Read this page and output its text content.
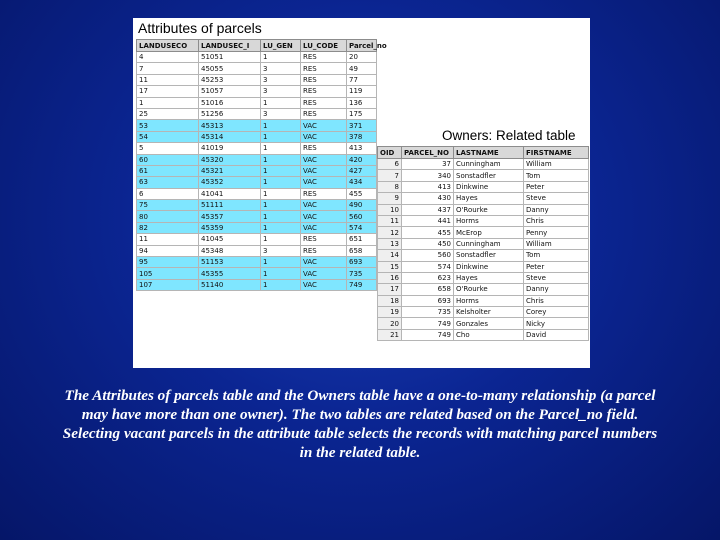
Attributes of parcels
LANDUSECO	LANDUSEC_I	LU_GEN	LU_CODE	Parcel_no
4	51051	1	RES	20
7	45055	3	RES	49
11	45253	3	RES	77
17	51057	3	RES	119
1	51016	1	RES	136
25	51256	3	RES	175
53	45313	1	VAC	371
54	45314	1	VAC	378
5	41019	1	RES	413
60	45320	1	VAC	420
61	45321	1	VAC	427
63	45352	1	VAC	434
6	41041	1	RES	455
75	51111	1	VAC	490
80	45357	1	VAC	560
82	45359	1	VAC	574
11	41045	1	RES	651
94	45348	3	RES	658
95	51153	1	VAC	693
105	45355	1	VAC	735
107	51140	1	VAC	749
Owners: Related table
OID	PARCEL_NO	LASTNAME	FIRSTNAME
6	37	Cunningham	William
7	340	Sonstadfler	Tom
8	413	Dinkwine	Peter
9	430	Hayes	Steve
10	437	O'Rourke	Danny
11	441	Horms	Chris
12	455	McErop	Penny
13	450	Cunningham	William
14	560	Sonstadfler	Tom
15	574	Dinkwine	Peter
16	623	Hayes	Steve
17	658	O'Rourke	Danny
18	693	Horms	Chris
19	735	Kelsholter	Corey
20	749	Gonzales	Nicky
21	749	Cho	David
The Attributes of parcels table and the Owners table have a one-to-many relationship (a parcel may have more than one owner). The two tables are related based on the Parcel_no field. Selecting vacant parcels in the attribute table selects the records with matching parcel numbers in the related table.
